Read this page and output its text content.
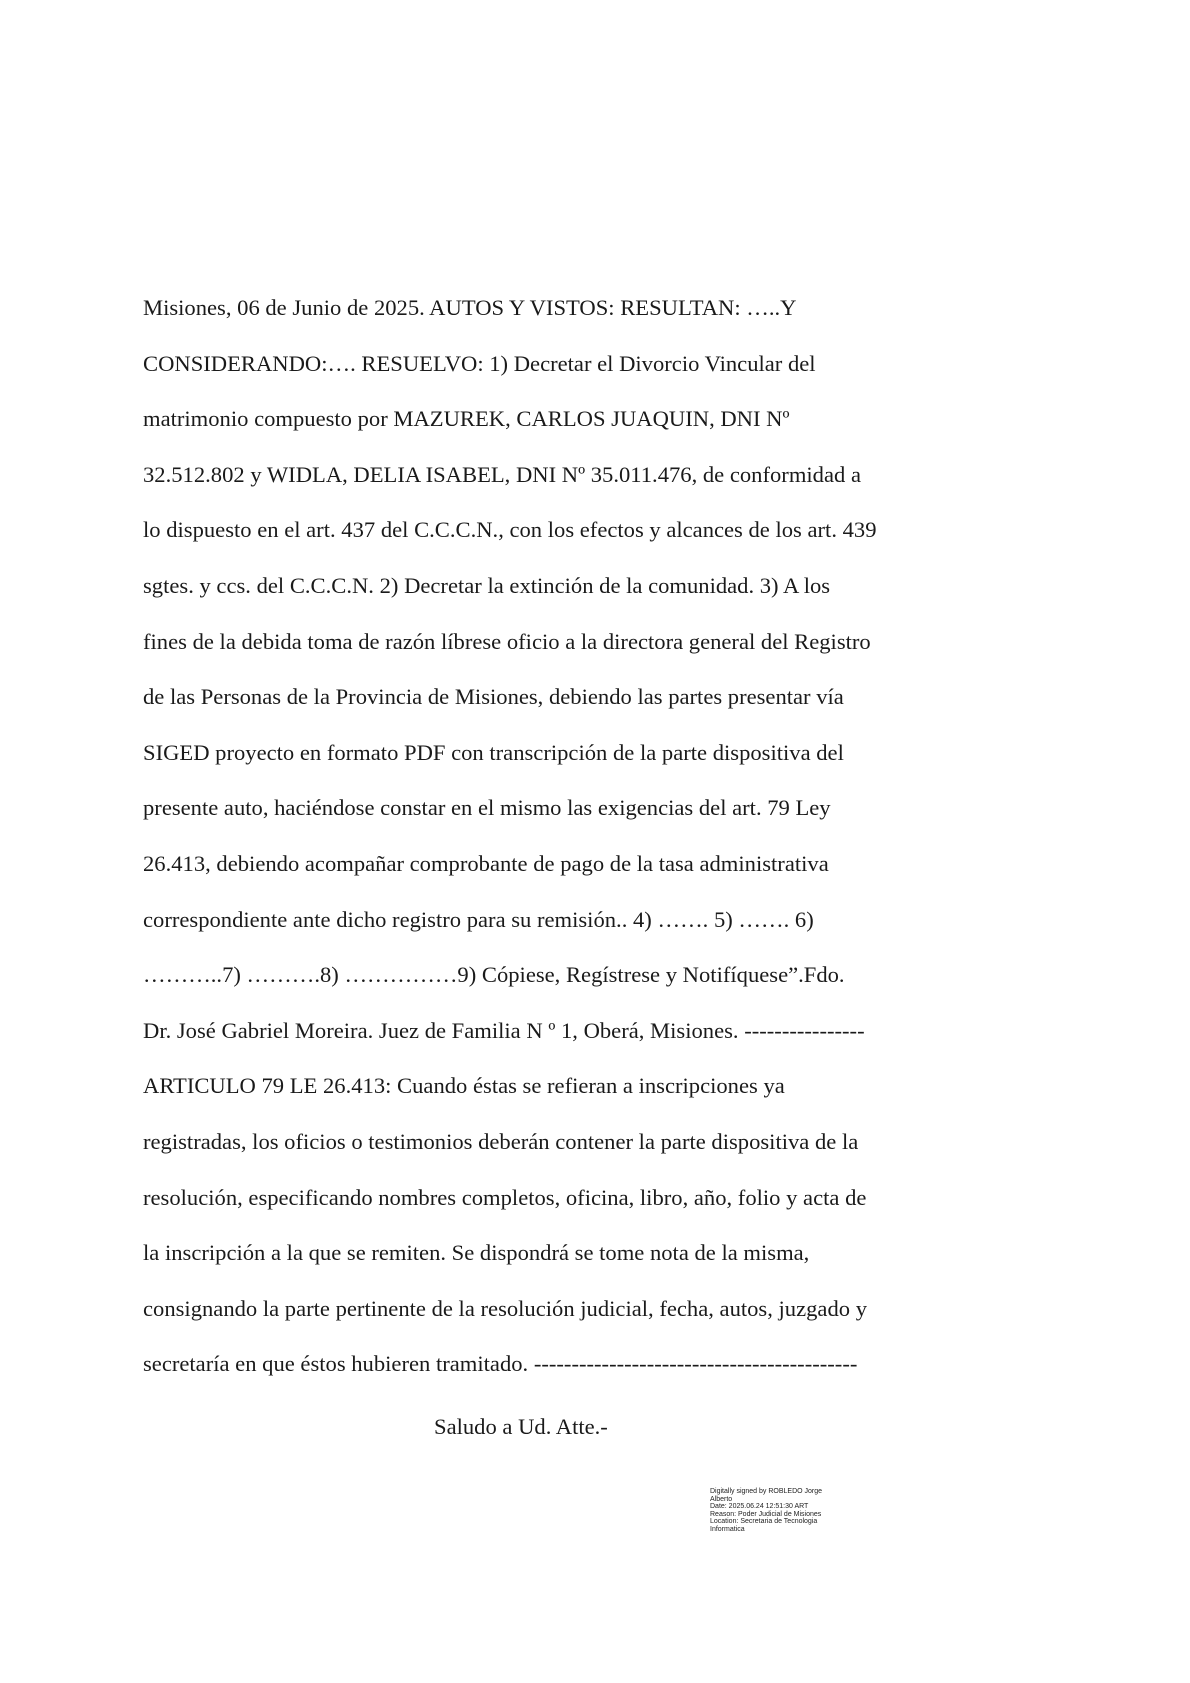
Misiones, 06 de Junio de 2025. AUTOS Y VISTOS: RESULTAN: …..Y
CONSIDERANDO:…. RESUELVO: 1) Decretar el Divorcio Vincular del
matrimonio compuesto por MAZUREK, CARLOS JUAQUIN, DNI Nº
32.512.802 y WIDLA, DELIA ISABEL, DNI Nº 35.011.476, de conformidad a
lo dispuesto en el art. 437 del C.C.C.N., con los efectos y alcances de los art. 439
sgtes. y ccs. del C.C.C.N. 2) Decretar la extinción de la comunidad. 3) A los
fines de la debida toma de razón líbrese oficio a la directora general del Registro
de las Personas de la Provincia de Misiones, debiendo las partes presentar vía
SIGED proyecto en formato PDF con transcripción de la parte dispositiva del
presente auto, haciéndose constar en el mismo las exigencias del art. 79 Ley
26.413, debiendo acompañar comprobante de pago de la tasa administrativa
correspondiente ante dicho registro para su remisión.. 4) ……. 5) ……. 6)
………..7) ……….8) ……………9) Cópiese, Regístrese y Notifíquese”.Fdo.
Dr. José Gabriel Moreira. Juez de Familia N º 1, Oberá, Misiones. ----------------
ARTICULO 79 LE 26.413: Cuando éstas se refieran a inscripciones ya
registradas, los oficios o testimonios deberán contener la parte dispositiva de la
resolución, especificando nombres completos, oficina, libro, año, folio y acta de
la inscripción a la que se remiten. Se dispondrá se tome nota de la misma,
consignando la parte pertinente de la resolución judicial, fecha, autos, juzgado y
secretaría en que éstos hubieren tramitado. -------------------------------------------
Saludo a Ud. Atte.-
Digitally signed by ROBLEDO Jorge
Alberto
Date: 2025.06.24 12:51:30 ART
Reason: Poder Judicial de Misiones
Location: Secretaria de Tecnologia
Informatica
